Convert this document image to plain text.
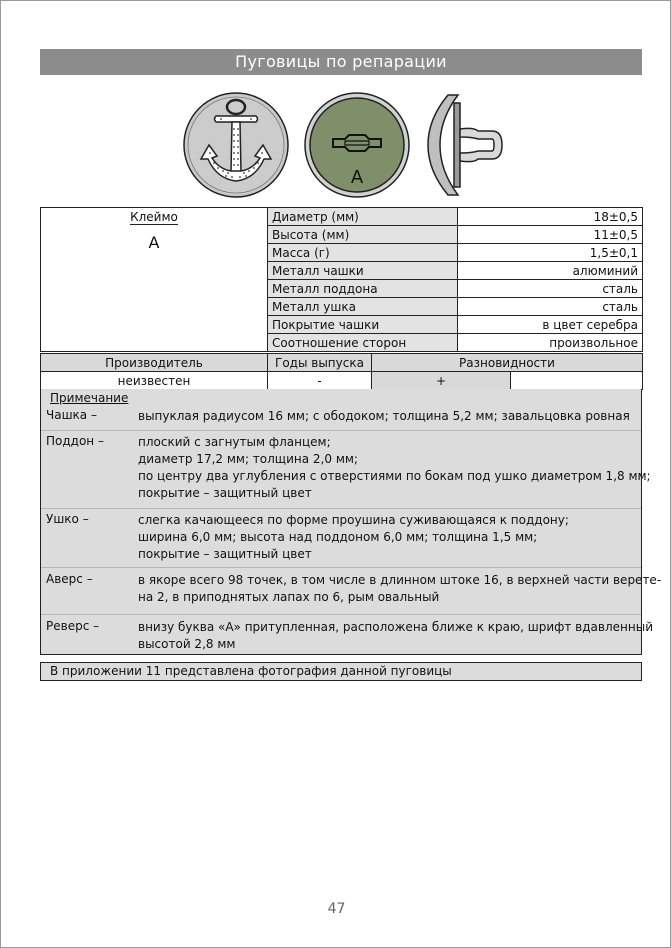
Пуговицы по репарации
А
Клеймо
А	Диаметр (мм)	18±0,5
	Высота (мм)	11±0,5
	Масса (г)	1,5±0,1
	Металл чашки	алюминий
	Металл поддона	сталь
	Металл ушка	сталь
	Покрытие чашки	в цвет серебра
	Соотношение сторон	произвольное
Производитель	Годы выпуска	Разновидности	
неизвестен	-	+	
Примечание
Чашка –	выпуклая радиусом 16 мм; с ободоком; толщина 5,2 мм; завальцовка ровная
Поддон –	плоский с загнутым фланцем;
диаметр 17,2 мм; толщина 2,0 мм;
по центру два углубления с отверстиями по бокам под ушко диаметром 1,8 мм;
покрытие – защитный цвет
Ушко –	слегка качающееся по форме проушина суживающаяся к поддону;
ширина 6,0 мм; высота над поддоном 6,0 мм; толщина 1,5 мм;
покрытие – защитный цвет
Аверс –	в якоре всего 98 точек, в том числе в длинном штоке 16, в верхней части верете-
на 2, в приподнятых лапах по 6, рым овальный
Реверс –	внизу буква «А» притупленная, расположена ближе к краю, шрифт вдавленный
высотой 2,8 мм
В приложении 11 представлена фотография данной пуговицы
47
